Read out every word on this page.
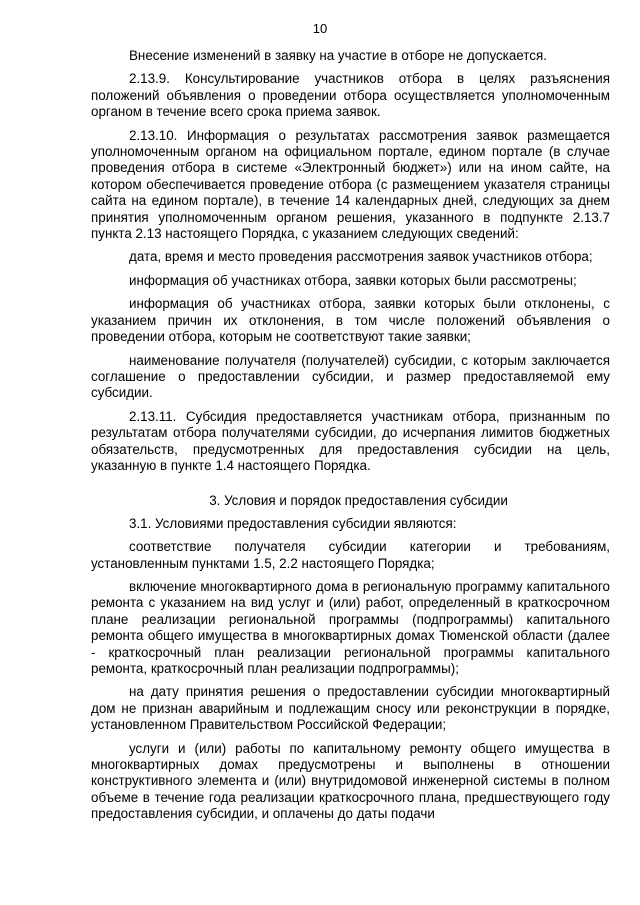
10

Внесение изменений в заявку на участие в отборе не допускается.

2.13.9. Консультирование участников отбора в целях разъяснения положений объявления о проведении отбора осуществляется уполномоченным органом в течение всего срока приема заявок.

2.13.10. Информация о результатах рассмотрения заявок размещается уполномоченным органом на официальном портале, едином портале (в случае проведения отбора в системе «Электронный бюджет») или на ином сайте, на котором обеспечивается проведение отбора (с размещением указателя страницы сайта на едином портале), в течение 14 календарных дней, следующих за днем принятия уполномоченным органом решения, указанного в подпункте 2.13.7 пункта 2.13 настоящего Порядка, с указанием следующих сведений:

дата, время и место проведения рассмотрения заявок участников отбора;

информация об участниках отбора, заявки которых были рассмотрены;

информация об участниках отбора, заявки которых были отклонены, с указанием причин их отклонения, в том числе положений объявления о проведении отбора, которым не соответствуют такие заявки;

наименование получателя (получателей) субсидии, с которым заключается соглашение о предоставлении субсидии, и размер предоставляемой ему субсидии.

2.13.11. Субсидия предоставляется участникам отбора, признанным по результатам отбора получателями субсидии, до исчерпания лимитов бюджетных обязательств, предусмотренных для предоставления субсидии на цель, указанную в пункте 1.4 настоящего Порядка.

3. Условия и порядок предоставления субсидии

3.1. Условиями предоставления субсидии являются:

соответствие получателя субсидии категории и требованиям, установленным пунктами 1.5, 2.2 настоящего Порядка;

включение многоквартирного дома в региональную программу капитального ремонта с указанием на вид услуг и (или) работ, определенный в краткосрочном плане реализации региональной программы (подпрограммы) капитального ремонта общего имущества в многоквартирных домах Тюменской области (далее - краткосрочный план реализации региональной программы капитального ремонта, краткосрочный план реализации подпрограммы);

на дату принятия решения о предоставлении субсидии многоквартирный дом не признан аварийным и подлежащим сносу или реконструкции в порядке, установленном Правительством Российской Федерации;

услуги и (или) работы по капитальному ремонту общего имущества в многоквартирных домах предусмотрены и выполнены в отношении конструктивного элемента и (или) внутридомовой инженерной системы в полном объеме в течение года реализации краткосрочного плана, предшествующего году предоставления субсидии, и оплачены до даты подачи
